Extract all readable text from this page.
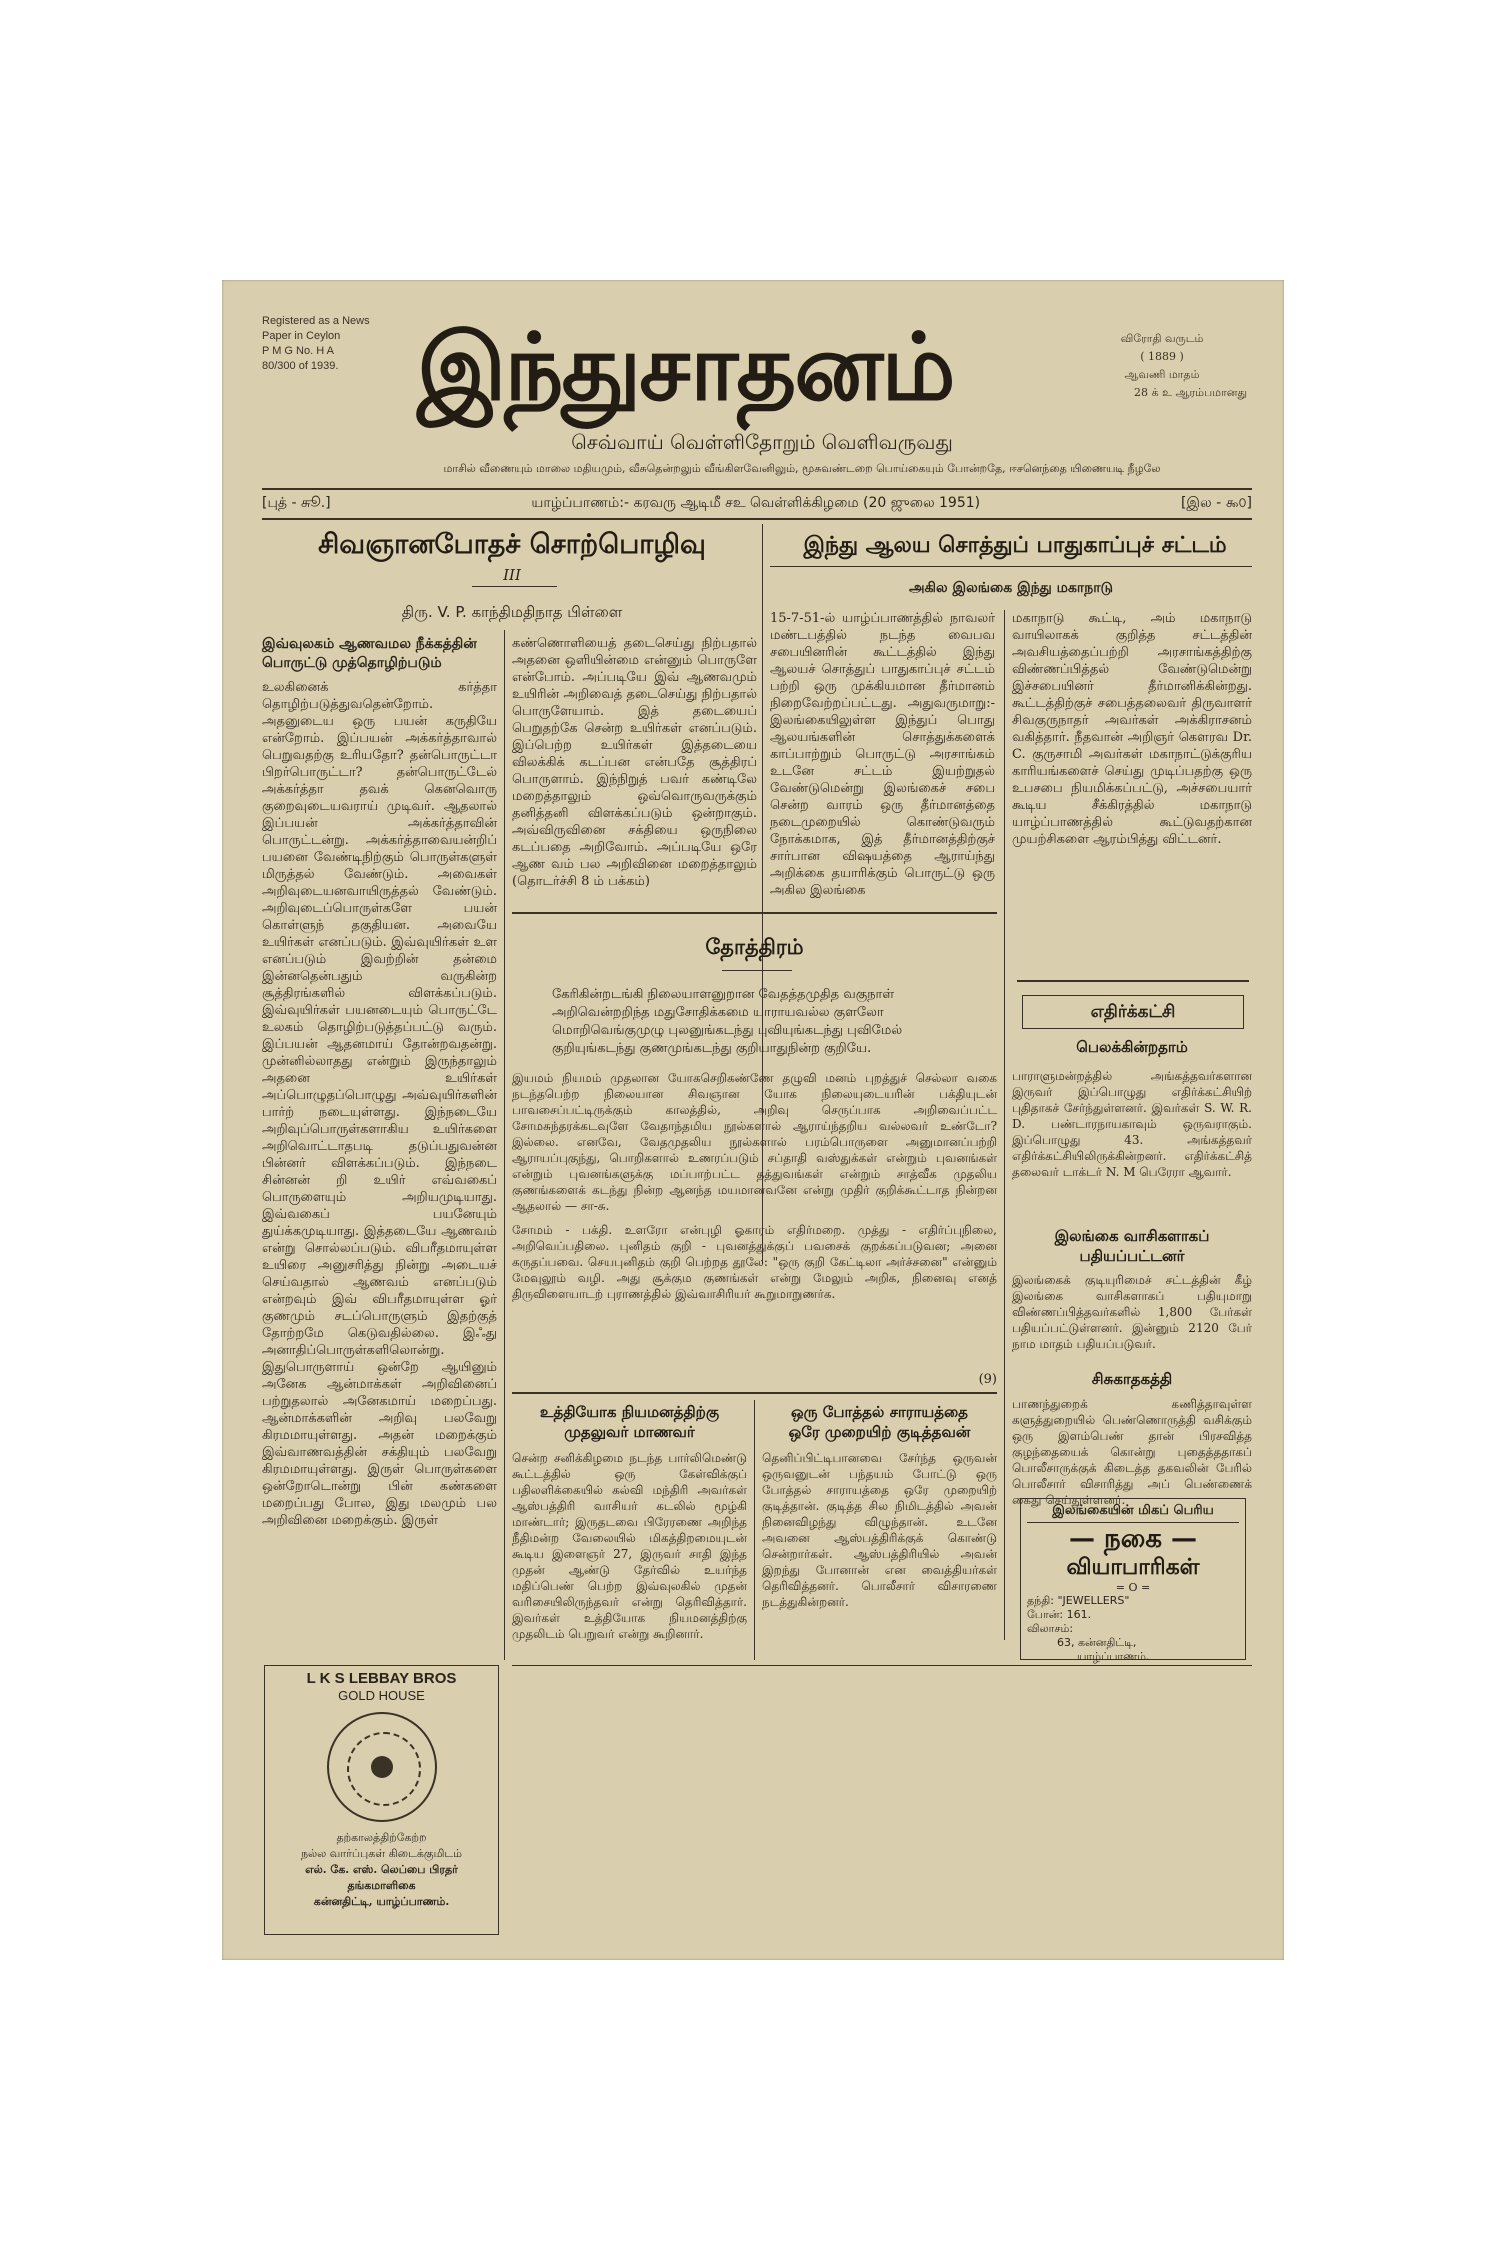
Registered as a News
Paper in Ceylon
P M G No. H A
80/300 of 1939. இந்துசாதனம்	விரோதி வருடம்
( 1889 )
ஆவணி மாதம்
28 க் உ ஆரம்பமானது
செவ்வாய் வெள்ளிதோறும் வெளிவருவது
மாசில் வீணையும் மாலை மதியமும், வீசுதென்றலும் வீங்கிளவேனிலும், மூசுவண்டறை பொய்கையும் போன்றதே, ஈசனெந்தை யிணையடி நீழலே
[புத் - சுூ.]	யாழ்ப்பாணம்:- கரவரு ஆடிமீ சஉ வெள்ளிக்கிழமை (20 ஜுலை 1951)	[இல - ௯௦]
சிவஞானபோதச் சொற்பொழிவு
III
திரு. V. P. காந்திமதிநாத பிள்ளை
இந்து ஆலய சொத்துப் பாதுகாப்புச் சட்டம்
அகில இலங்கை இந்து மகாநாடு
இவ்வுலகம் ஆணவமல நீக்கத்தின் பொருட்டு முத்தொழிற்படும்
உலகினைக் கர்த்தா தொழிற்படுத்துவதென்றோம். அதனுடைய ஒரு பயன் கருதியே என்றோம். இப்பயன் அக்கர்த்தாவால் பெறுவதற்கு உரியதோ? தன்பொருட்டா பிறர்பொருட்டா? தன்பொருட்டேல் அக்கர்த்தா தவக் கெனவொரு குறைவுடையவராய் முடிவர். ஆதலால் இப்பயன் அக்கர்த்தாவின் பொருட்டன்று. அக்கர்த்தாவையன்றிப் பயனை வேண்டிநிற்கும் பொருள்களுள் மிருத்தல் வேண்டும். அவைகள் அறிவுடையனவாயிருத்தல் வேண்டும். அறிவுடைப்பொருள்களே பயன் கொள்ளுந் தகுதியன. அவையே உயிர்கள் எனப்படும். இவ்வுயிர்கள் உள எனப்படும் இவற்றின் தன்மை இன்னதென்பதும் வருகின்ற சூத்திரங்களில் விளக்கப்படும். இவ்வுயிர்கள் பயனடையும் பொருட்டே உலகம் தொழிற்படுத்தப்பட்டு வரும். இப்பயன் ஆதனமாய் தோன்றவதன்று. முன்னில்லாதது என்றும் இருந்தாலும் அதனை உயிர்கள் அப்பொழுதப்பொழுது அவ்வுயிர்களின் பார்ற் நடையுள்ளது. இந்நடையே அறிவுப்பொருள்களாகிய உயிர்களை அறிவொட்டாதபடி தடுப்பதுவன்ன பின்னர் விளக்கப்படும். இந்நடை சின்னன் றி உயிர் எவ்வகைப் பொருளையும் அறியமுடியாது. இவ்வகைப் பயனேயும் துய்க்கமுடியாது. இத்தடையே ஆணவம் என்று சொல்லப்படும். விபரீதமாயுள்ள உயிரை அனுசரித்து நின்று அடையச் செய்வதால் ஆணவம் எனப்படும் என்றவும் இவ் விபரீதமாயுள்ள ஓர் குணமும் சடப்பொருளும் இதற்குத் தோற்றமே கெடுவதில்லை. இஃது அனாதிப்பொருள்களிலொன்று. இதுபொருளாய் ஒன்றே ஆயினும் அனேக ஆன்மாக்கள் அறிவினைப் பற்றுதலால் அனேகமாய் மறைப்பது. ஆன்மாக்களின் அறிவு பலவேறு கிரமமாயுள்ளது. அதன் மறைக்கும் இவ்வாணவத்தின் சக்தியும் பலவேறு கிரமமாயுள்ளது. இருள் பொருள்களை ஒன்றோடொன்று பின் கண்களை மறைப்பது போல, இது மலமும் பல அறிவினை மறைக்கும். இருள்
கண்ணொளியைத் தடைசெய்து நிற்பதால் அதனை ஒளியின்மை என்னும் பொருளே என்போம். அப்படியே இவ் ஆணவமும் உயிரின் அறிவைத் தடைசெய்து நிற்பதால் பொருளேயாம். இத் தடையைப் பெறுதற்கே சென்ற உயிர்கள் எனப்படும். இப்பெற்ற உயிர்கள் இத்தடையை விலக்கிக் கடப்பன என்பதே சூத்திரப் பொருளாம். இந்நிறுத் பவர் கண்டிலே மறைத்தாலும் ஒவ்வொருவருக்கும் தனித்தனி விளக்கப்படும் ஒன்றாகும். அவ்விருவினை சக்தியை ஒருநிலை கடப்பதை அறிவோம். அப்படியே ஒரே ஆண வம் பல அறிவினை மறைத்தாலும் (தொடர்ச்சி 8 ம் பக்கம்)
15-7-51-ல் யாழ்ப்பாணத்தில் நாவலர் மண்டபத்தில் நடந்த வைபவ சபையினரின் கூட்டத்தில் இந்து ஆலயச் சொத்துப் பாதுகாப்புச் சட்டம் பற்றி ஒரு முக்கியமான தீர்மானம் நிறைவேற்றப்பட்டது. அதுவருமாறு:- இலங்கையிலுள்ள இந்துப் பொது ஆலயங்களின் சொத்துக்களைக் காப்பாற்றும் பொருட்டு அரசாங்கம் உடனே சட்டம் இயற்றுதல் வேண்டுமென்று இலங்கைச் சபை சென்ற வாரம் ஒரு தீர்மானத்தை நடைமுறையில் கொண்டுவரும் நோக்கமாக, இத் தீர்மானத்திற்குச் சார்பான விஷயத்தை ஆராய்ந்து அறிக்கை தயாரிக்கும் பொருட்டு ஒரு அகில இலங்கை
மகாநாடு கூட்டி, அம் மகாநாடு வாயிலாகக் குறித்த சட்டத்தின் அவசியத்தைப்பற்றி அரசாங்கத்திற்கு விண்ணப்பித்தல் வேண்டுமென்று இச்சபையினர் தீர்மானிக்கின்றது. கூட்டத்திற்குச் சபைத்தலைவர் திருவாளர் சிவகுருநாதர் அவர்கள் அக்கிராசனம் வகித்தார். நீதவான் அறிஞர் கௌரவ Dr. C. குருசாமி அவர்கள் மகாநாட்டுக்குரிய காரியங்களைச் செய்து முடிப்பதற்கு ஒரு உபசபை நியமிக்கப்பட்டு, அச்சபையார் கூடிய சீக்கிரத்தில் மகாநாடு யாழ்ப்பாணத்தில் கூட்டுவதற்கான முயற்சிகளை ஆரம்பித்து விட்டனர்.
தோத்திரம்
கேரிகின்றடங்கி நிலையாளனுறான வேதத்தமுதித வகுநாள்
அறிவென்றறிந்த மதுசோதிக்கமை யாராயவல்ல குளலோ
மொறிவெங்குமுழு புலனுங்கடந்து புவியுங்கடந்து புவிமேல்
குறியுங்கடந்து குணமுங்கடந்து குறியாதுநின்ற குறியே.
இயமம் நியமம் முதலான யோகசெறிகண்ணே தழுவி மனம் புறத்துச் செல்லா வகை நடந்தபெற்ற நிலையான சிவஞான யோக நிலையுடையரின் பக்தியுடன் பாவசைப்பட்டிருக்கும் காலத்தில், அறிவு செருப்பாக அறிவைப்பட்ட சோமசுந்தரக்கடவுளே வேதாந்தமிய நூல்களால் ஆராய்ந்தறிய வல்லவர் உண்டோ? இல்லை. எனவே, வேதமுதலிய நூல்களால் பரம்பொருளை அனுமானப்பற்றி ஆராயப்புகுந்து, பொறிகளால் உணரப்படும் சப்தாதி வஸ்துக்கள் என்றும் புவனங்கள் என்றும் புவனங்களுக்கு மப்பாற்பட்ட தத்துவங்கள் என்றும் சாத்வீக முதலிய குணங்களைக் கடந்து நின்ற ஆனந்த மயமானவனே என்று முதிர் குறிக்கூட்டாத நின்றன ஆதலால் — சா-சு.
சோமம் - பக்தி. உளரோ என்புழி ஓகாரம் எதிர்மறை. முத்து - எதிர்ப்புநிலை, அறிவெப்பதிலை. புனிதம் குறி - புவனத்துக்குப் பவசைக் குறக்கப்படுவன; அனை கருதப்பவை. செயபுனிதம் குறி பெற்றத தூலே: "ஒரு குறி கேட்டிலா அர்ச்சனை" என்னும் மேவுலூம் வழி. அது சூக்கும குணங்கள் என்று மேலும் அறிக, நினைவு எனத் திருவிளையாடற் புராணத்தில் இவ்வாசிரியர் கூறுமாறுணர்க.
(9)
உத்தியோக நியமனத்திற்கு
முதலுவர் மாணவர்
சென்ற சனிக்கிழமை நடந்த பார்லிமெண்டு கூட்டத்தில் ஒரு கேள்விக்குப் பதிலளிக்கையில் கல்வி மந்திரி அவர்கள் ஆஸ்பத்திரி வாசியர் கடலில் மூழ்கி மாண்டார்; இருதடவை பிரேரணை அறிந்த நீதிமன்ற வேலையில் மிகத்திறமையுடன் கூடிய இளைஞர் 27, இருவர் சாதி இந்த முதன் ஆண்டு தேர்வில் உயர்ந்த மதிப்பெண் பெற்ற இவ்வுலகில் முதன் வரிசையிலிருந்தவர் என்று தெரிவித்தார். இவர்கள் உத்தியோக நியமனத்திற்கு முதலிடம் பெறுவர் என்று கூறினார்.
ஒரு போத்தல் சாராயத்தை
ஒரே முறையிற் குடித்தவன்
தெனிப்பிட்டிபானவை சேர்ந்த ஒருவன் ஒருவனுடன் பந்தயம் போட்டு ஒரு போத்தல் சாராயத்தை ஒரே முறையிற் குடித்தான். குடித்த சில நிமிடத்தில் அவன் நினைவிழந்து விழுந்தான். உடனே அவனை ஆஸ்பத்திரிக்குக் கொண்டு சென்றார்கள். ஆஸ்பத்திரியில் அவன் இறந்து போனான் என வைத்தியர்கள் தெரிவித்தனர். பொலீசார் விசாரணை நடத்துகின்றனர்.
எதிர்க்கட்சி
பெலக்கின்றதாம்
பாராளுமன்றத்தில் அங்கத்தவர்களான இருவர் இப்பொழுது எதிர்க்கட்சியிற் புதிதாகச் சேர்ந்துள்ளனர். இவர்கள் S. W. R. D. பண்டாரநாயகாவும் ஒருவராகும். இப்பொழுது 43. அங்கத்தவர் எதிர்க்கட்சியிலிருக்கின்றனர். எதிர்க்கட்சித் தலைவர் டாக்டர் N. M பெரேரா ஆவார்.
இலங்கை வாசிகளாகப்
பதியப்பட்டனர்
இலங்கைக் குடியுரிமைச் சட்டத்தின் கீழ் இலங்கை வாசிகளாகப் பதியுமாறு விண்ணப்பித்தவர்களில் 1,800 பேர்கள் பதியப்பட்டுள்ளனர். இன்னும் 2120 பேர் நாம மாதம் பதியப்படுவர்.
சிசுகாதகத்தி
பாணந்துறைக் கணித்தாவுள்ள களுத்துறையில் பெண்ணொருத்தி வசிக்கும் ஒரு இளம்பெண் தான் பிரசவித்த குழந்தையைக் கொன்று புதைத்ததாகப் பொலீசாருக்குக் கிடைத்த தகவலின் பேரில் பொலீசார் விசாரித்து அப் பெண்ணைக் கைது செய்துள்ளனர்.
இலங்கையின் மிகப் பெரிய
— நகை —
வியாபாரிகள்
= O =
தந்தி: "JEWELLERS"
போன்: 161.
விலாசம்:
63, கன்னதிட்டி,
யாழ்ப்பாணம்.
L K S LEBBAY BROS
GOLD HOUSE
தற்காலத்திற்கேற்ற
நல்ல வார்ப்புகள் கிடைக்குமிடம்
எல். கே. எஸ். லெப்பை பிரதர்
தங்கமாளிகை
கன்னதிட்டி, யாழ்ப்பாணம்.
